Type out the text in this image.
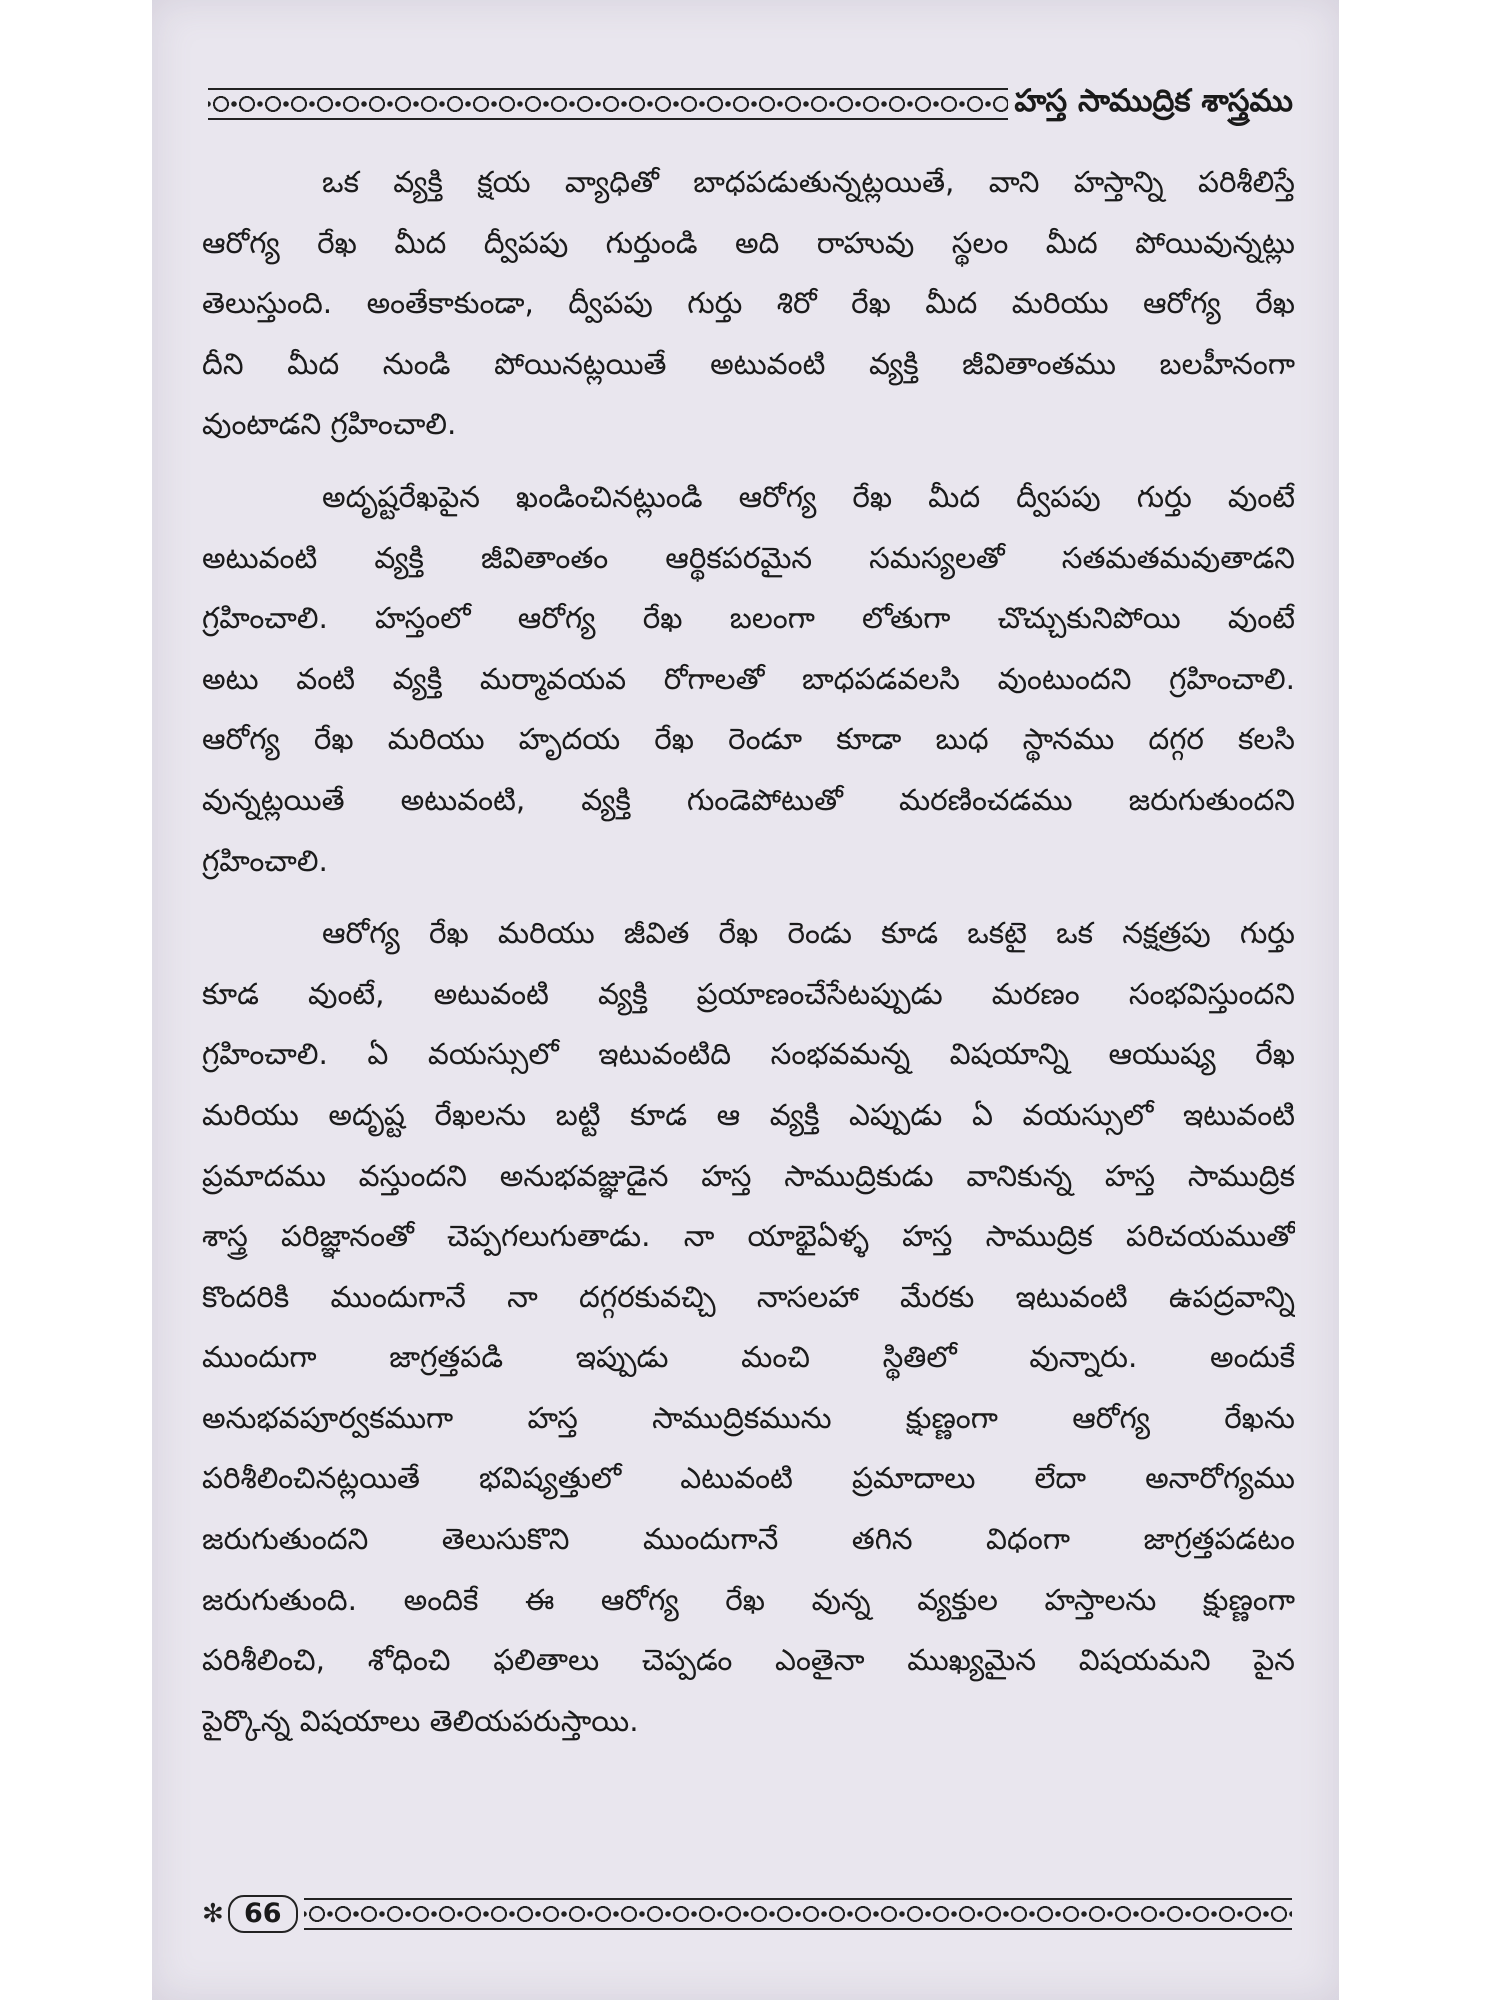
హస్త సాముద్రిక శాస్త్రము
ఒక వ్యక్తి క్షయ వ్యాధితో బాధపడుతున్నట్లయితే, వాని హస్తాన్ని పరిశీలిస్తే
ఆరోగ్య రేఖ మీద ద్వీపపు గుర్తుండి అది రాహువు స్థలం మీద పోయివున్నట్లు
తెలుస్తుంది. అంతేకాకుండా, ద్వీపపు గుర్తు శిరో రేఖ మీద మరియు ఆరోగ్య రేఖ
దీని మీద నుండి పోయినట్లయితే అటువంటి వ్యక్తి జీవితాంతము బలహీనంగా
వుంటాడని గ్రహించాలి.
అదృష్టరేఖపైన ఖండించినట్లుండి ఆరోగ్య రేఖ మీద ద్వీపపు గుర్తు వుంటే
అటువంటి వ్యక్తి జీవితాంతం ఆర్థికపరమైన సమస్యలతో సతమతమవుతాడని
గ్రహించాలి. హస్తంలో ఆరోగ్య రేఖ బలంగా లోతుగా చొచ్చుకునిపోయి వుంటే
అటు వంటి వ్యక్తి మర్మావయవ రోగాలతో బాధపడవలసి వుంటుందని గ్రహించాలి.
ఆరోగ్య రేఖ మరియు హృదయ రేఖ రెండూ కూడా బుధ స్థానము దగ్గర కలసి
వున్నట్లయితే అటువంటి, వ్యక్తి గుండెపోటుతో మరణించడము జరుగుతుందని
గ్రహించాలి.
ఆరోగ్య రేఖ మరియు జీవిత రేఖ రెండు కూడ ఒకటై ఒక నక్షత్రపు గుర్తు
కూడ వుంటే, అటువంటి వ్యక్తి ప్రయాణంచేసేటప్పుడు మరణం సంభవిస్తుందని
గ్రహించాలి. ఏ వయస్సులో ఇటువంటిది సంభవమన్న విషయాన్ని ఆయుష్య రేఖ
మరియు అదృష్ట రేఖలను బట్టి కూడ ఆ వ్యక్తి ఎప్పుడు ఏ వయస్సులో ఇటువంటి
ప్రమాదము వస్తుందని అనుభవజ్ఞుడైన హస్త సాముద్రికుడు వానికున్న హస్త సాముద్రిక
శాస్త్ర పరిజ్ఞానంతో చెప్పగలుగుతాడు. నా యాభైఏళ్ళ హస్త సాముద్రిక పరిచయముతో
కొందరికి ముందుగానే నా దగ్గరకువచ్చి నాసలహా మేరకు ఇటువంటి ఉపద్రవాన్ని
ముందుగా జాగ్రత్తపడి ఇప్పుడు మంచి స్థితిలో వున్నారు. అందుకే
అనుభవపూర్వకముగా హస్త సాముద్రికమును క్షుణ్ణంగా ఆరోగ్య రేఖను
పరిశీలించినట్లయితే భవిష్యత్తులో ఎటువంటి ప్రమాదాలు లేదా అనారోగ్యము
జరుగుతుందని తెలుసుకొని ముందుగానే తగిన విధంగా జాగ్రత్తపడటం
జరుగుతుంది. అందికే ఈ ఆరోగ్య రేఖ వున్న వ్యక్తుల హస్తాలను క్షుణ్ణంగా
పరిశీలించి, శోధించి ఫలితాలు చెప్పడం ఎంతైనా ముఖ్యమైన విషయమని పైన
పైర్కొన్న విషయాలు తెలియపరుస్తాయి.
✻ 66
